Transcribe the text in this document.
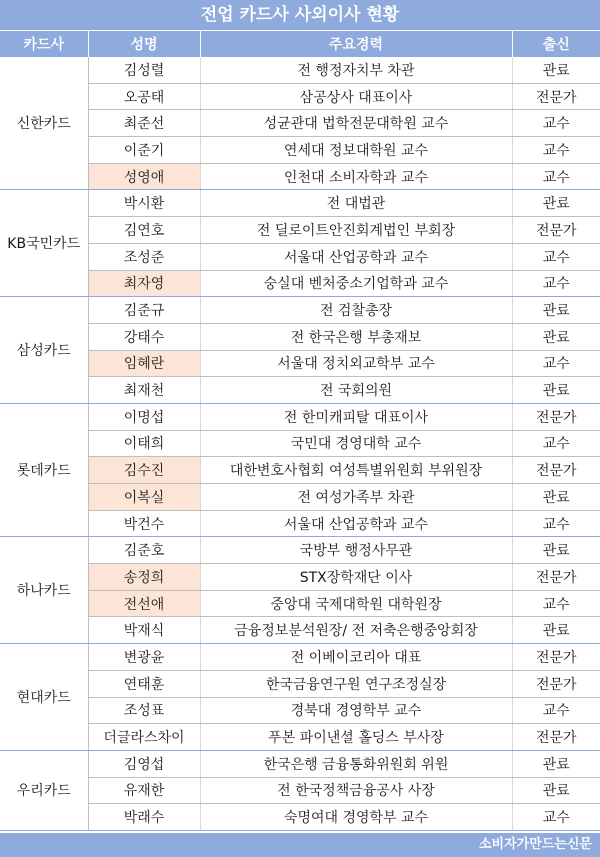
전업 카드사 사외이사 현황
카드사	성명	주요경력	출신
신한카드	김성렬	전 행정자치부 차관	관료
	오공태	삼공상사 대표이사	전문가
	최준선	성균관대 법학전문대학원 교수	교수
	이준기	연세대 정보대학원 교수	교수
	성영애	인천대 소비자학과 교수	교수
KB국민카드	박시환	전 대법관	관료
	김연호	전 딜로이트안진회계법인 부회장	전문가
	조성준	서울대 산업공학과 교수	교수
	최자영	숭실대 벤처중소기업학과 교수	교수
삼성카드	김준규	전 검찰총장	관료
	강태수	전 한국은행 부총재보	관료
	임혜란	서울대 정치외교학부 교수	교수
	최재천	전 국회의원	관료
롯데카드	이명섭	전 한미캐피탈 대표이사	전문가
	이태희	국민대 경영대학 교수	교수
	김수진	대한변호사협회 여성특별위원회 부위원장	전문가
	이복실	전 여성가족부 차관	관료
	박건수	서울대 산업공학과 교수	교수
하나카드	김준호	국방부 행정사무관	관료
	송정희	STX장학재단 이사	전문가
	전선애	중앙대 국제대학원 대학원장	교수
	박재식	금융정보분석원장/ 전 저축은행중앙회장	관료
현대카드	변광윤	전 이베이코리아 대표	전문가
	연태훈	한국금융연구원 연구조정실장	전문가
	조성표	경북대 경영학부 교수	교수
	더글라스차이	푸본 파이낸셜 홀딩스 부사장	전문가
우리카드	김영섭	한국은행 금융통화위원회 위원	관료
	유재한	전 한국정책금융공사 사장	관료
	박래수	숙명여대 경영학부 교수	교수
소비자가만드는신문
